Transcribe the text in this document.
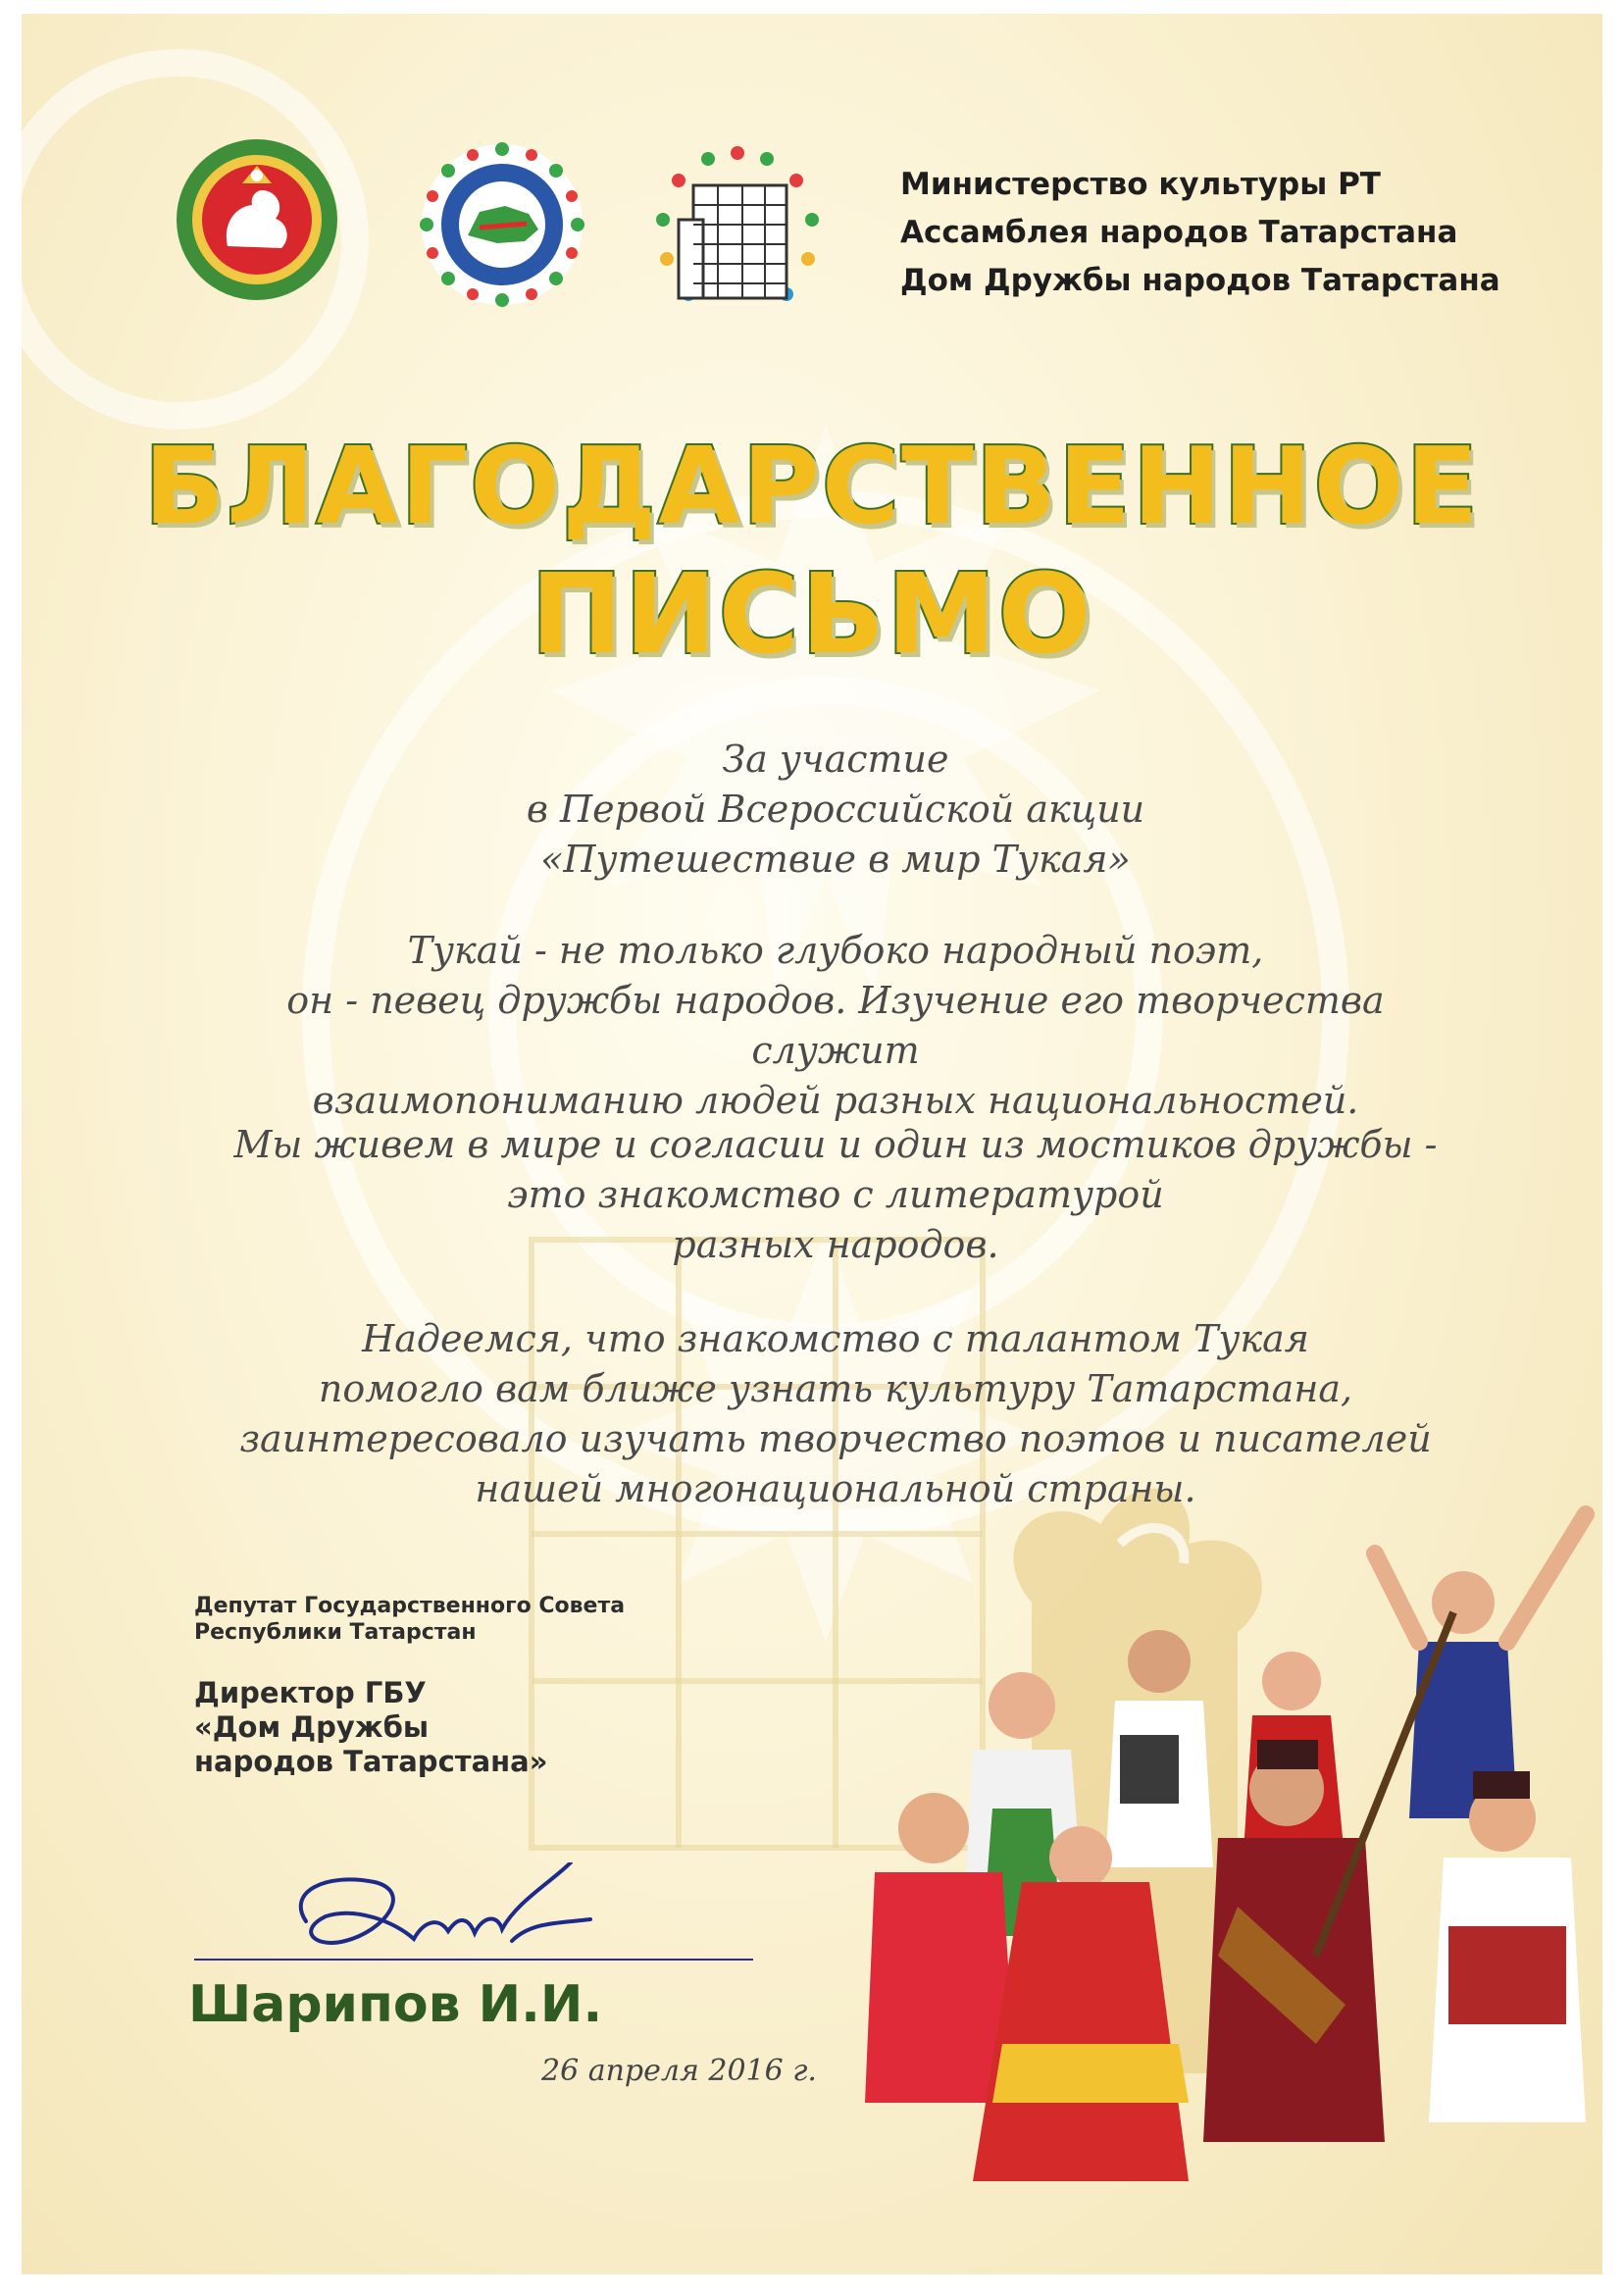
Министерство культуры РТ
Ассамблея народов Татарстана
Дом Дружбы народов Татарстана

БЛАГОДАРСТВЕННОЕ

ПИСЬМО

За участие
в Первой Всероссийской акции
«Путешествие в мир Тукая»
Тукай - не только глубоко народный поэт,
он - певец дружбы народов. Изучение его творчества служит
взаимопониманию людей разных национальностей.
Мы живем в мире и согласии и один из мостиков дружбы -
это знакомство с литературой
разных народов.
Надеемся, что знакомство с талантом Тукая
помогло вам ближе узнать культуру Татарстана,
заинтересовало изучать творчество поэтов и писателей
нашей многонациональной страны.
Депутат Государственного Совета
Республики Татарстан
Директор ГБУ
«Дом Дружбы
народов Татарстана»

Шарипов И.И.

26 апреля 2016 г.
